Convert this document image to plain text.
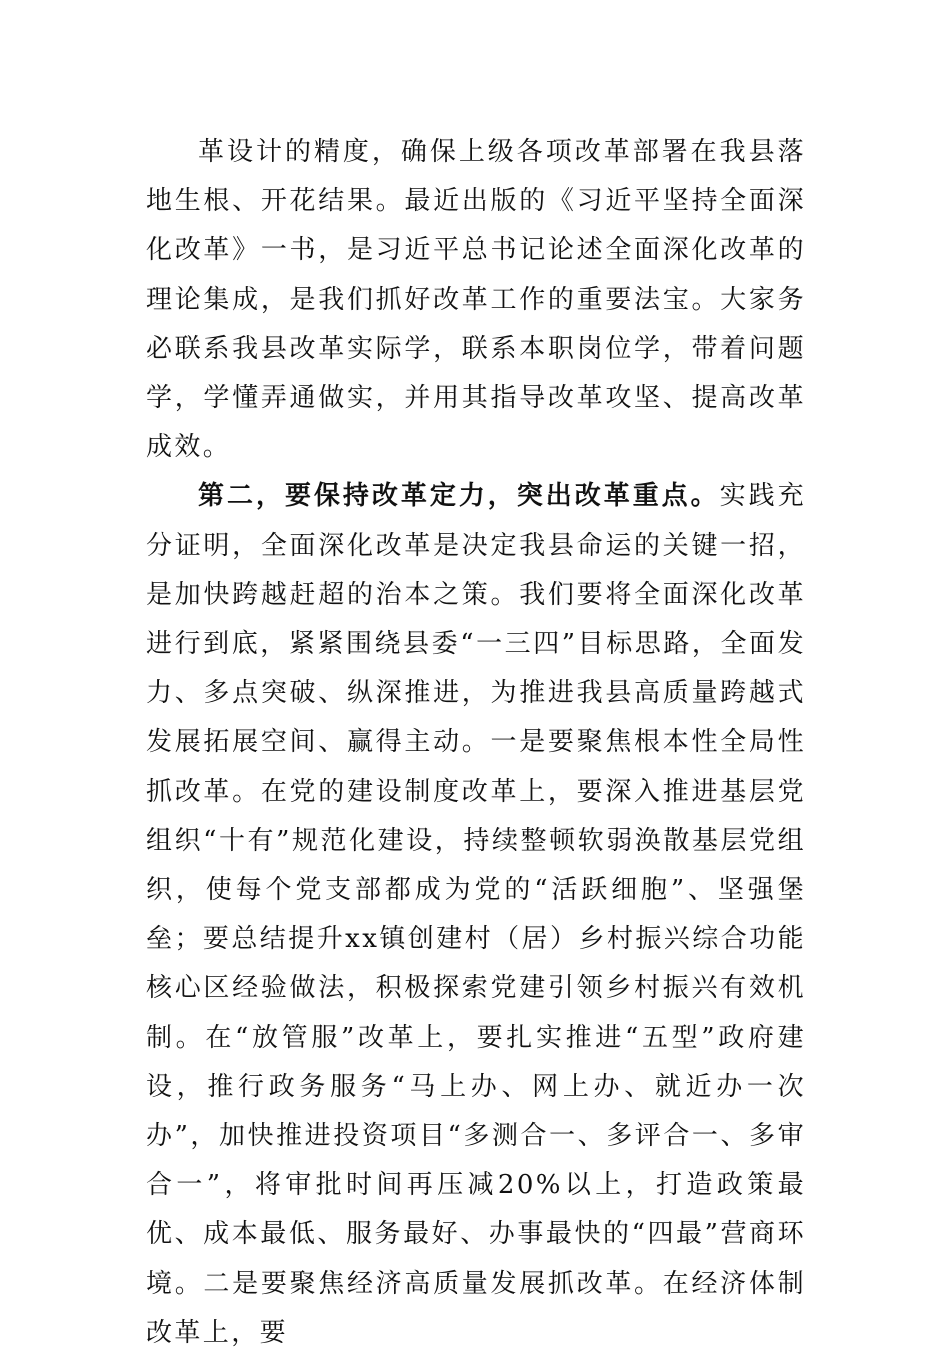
革设计的精度，确保上级各项改革部署在我县落地生根、开花结果。最近出版的《习近平坚持全面深化改革》一书，是习近平总书记论述全面深化改革的理论集成，是我们抓好改革工作的重要法宝。大家务必联系我县改革实际学，联系本职岗位学，带着问题学，学懂弄通做实，并用其指导改革攻坚、提高改革成效。

第二，要保持改革定力，突出改革重点。实践充分证明，全面深化改革是决定我县命运的关键一招，是加快跨越赶超的治本之策。我们要将全面深化改革进行到底，紧紧围绕县委“一三四”目标思路，全面发力、多点突破、纵深推进，为推进我县高质量跨越式发展拓展空间、赢得主动。一是要聚焦根本性全局性抓改革。在党的建设制度改革上，要深入推进基层党组织“十有”规范化建设，持续整顿软弱涣散基层党组织，使每个党支部都成为党的“活跃细胞”、坚强堡垒；要总结提升xx镇创建村（居）乡村振兴综合功能核心区经验做法，积极探索党建引领乡村振兴有效机制。在“放管服”改革上，要扎实推进“五型”政府建设，推行政务服务“马上办、网上办、就近办一次办”，加快推进投资项目“多测合一、多评合一、多审合一”，将审批时间再压减20%以上，打造政策最优、成本最低、服务最好、办事最快的“四最”营商环境。二是要聚焦经济高质量发展抓改革。在经济体制改革上，要
